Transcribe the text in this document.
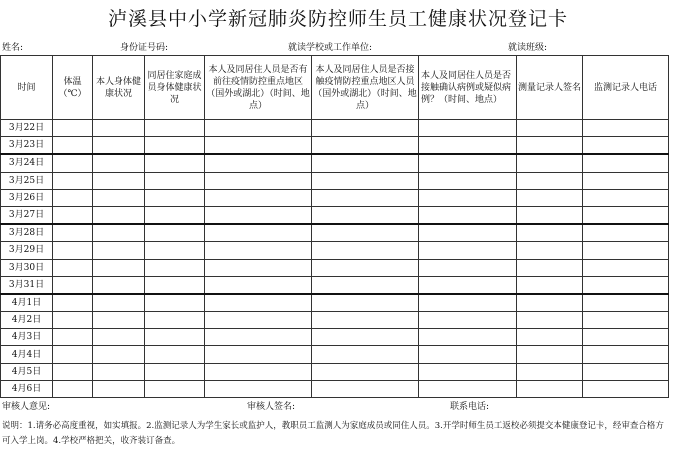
泸溪县中小学新冠肺炎防控师生员工健康状况登记卡
姓名:	身份证号码:	就读学校或工作单位:	就读班级:
时间	体温（℃）	本人身体健康状况	同居住家庭成员身体健康状况	本人及同居住人员是否有前往疫情防控重点地区（国外或湖北）（时间、地点）	本人及同居住人员是否接触疫情防控重点地区人员（国外或湖北）（时间、地点）	本人及同居住人员是否接触确认病例或疑似病例？（时间、地点）	测量记录人签名	监测记录人电话
3月22日								
3月23日								
3月24日								
3月25日								
3月26日								
3月27日								
3月28日								
3月29日								
3月30日								
3月31日								
4月1日								
4月2日								
4月3日								
4月4日								
4月5日								
4月6日								
审核人意见:	审核人签名:	联系电话:
说明：1.请务必高度重视，如实填报。2.监测记录人为学生家长或监护人，教职员工监测人为家庭成员或同住人员。3.开学时师生员工返校必须提交本健康登记卡，经审查合格方可入学上岗。4.学校严格把关，收齐装订备查。
